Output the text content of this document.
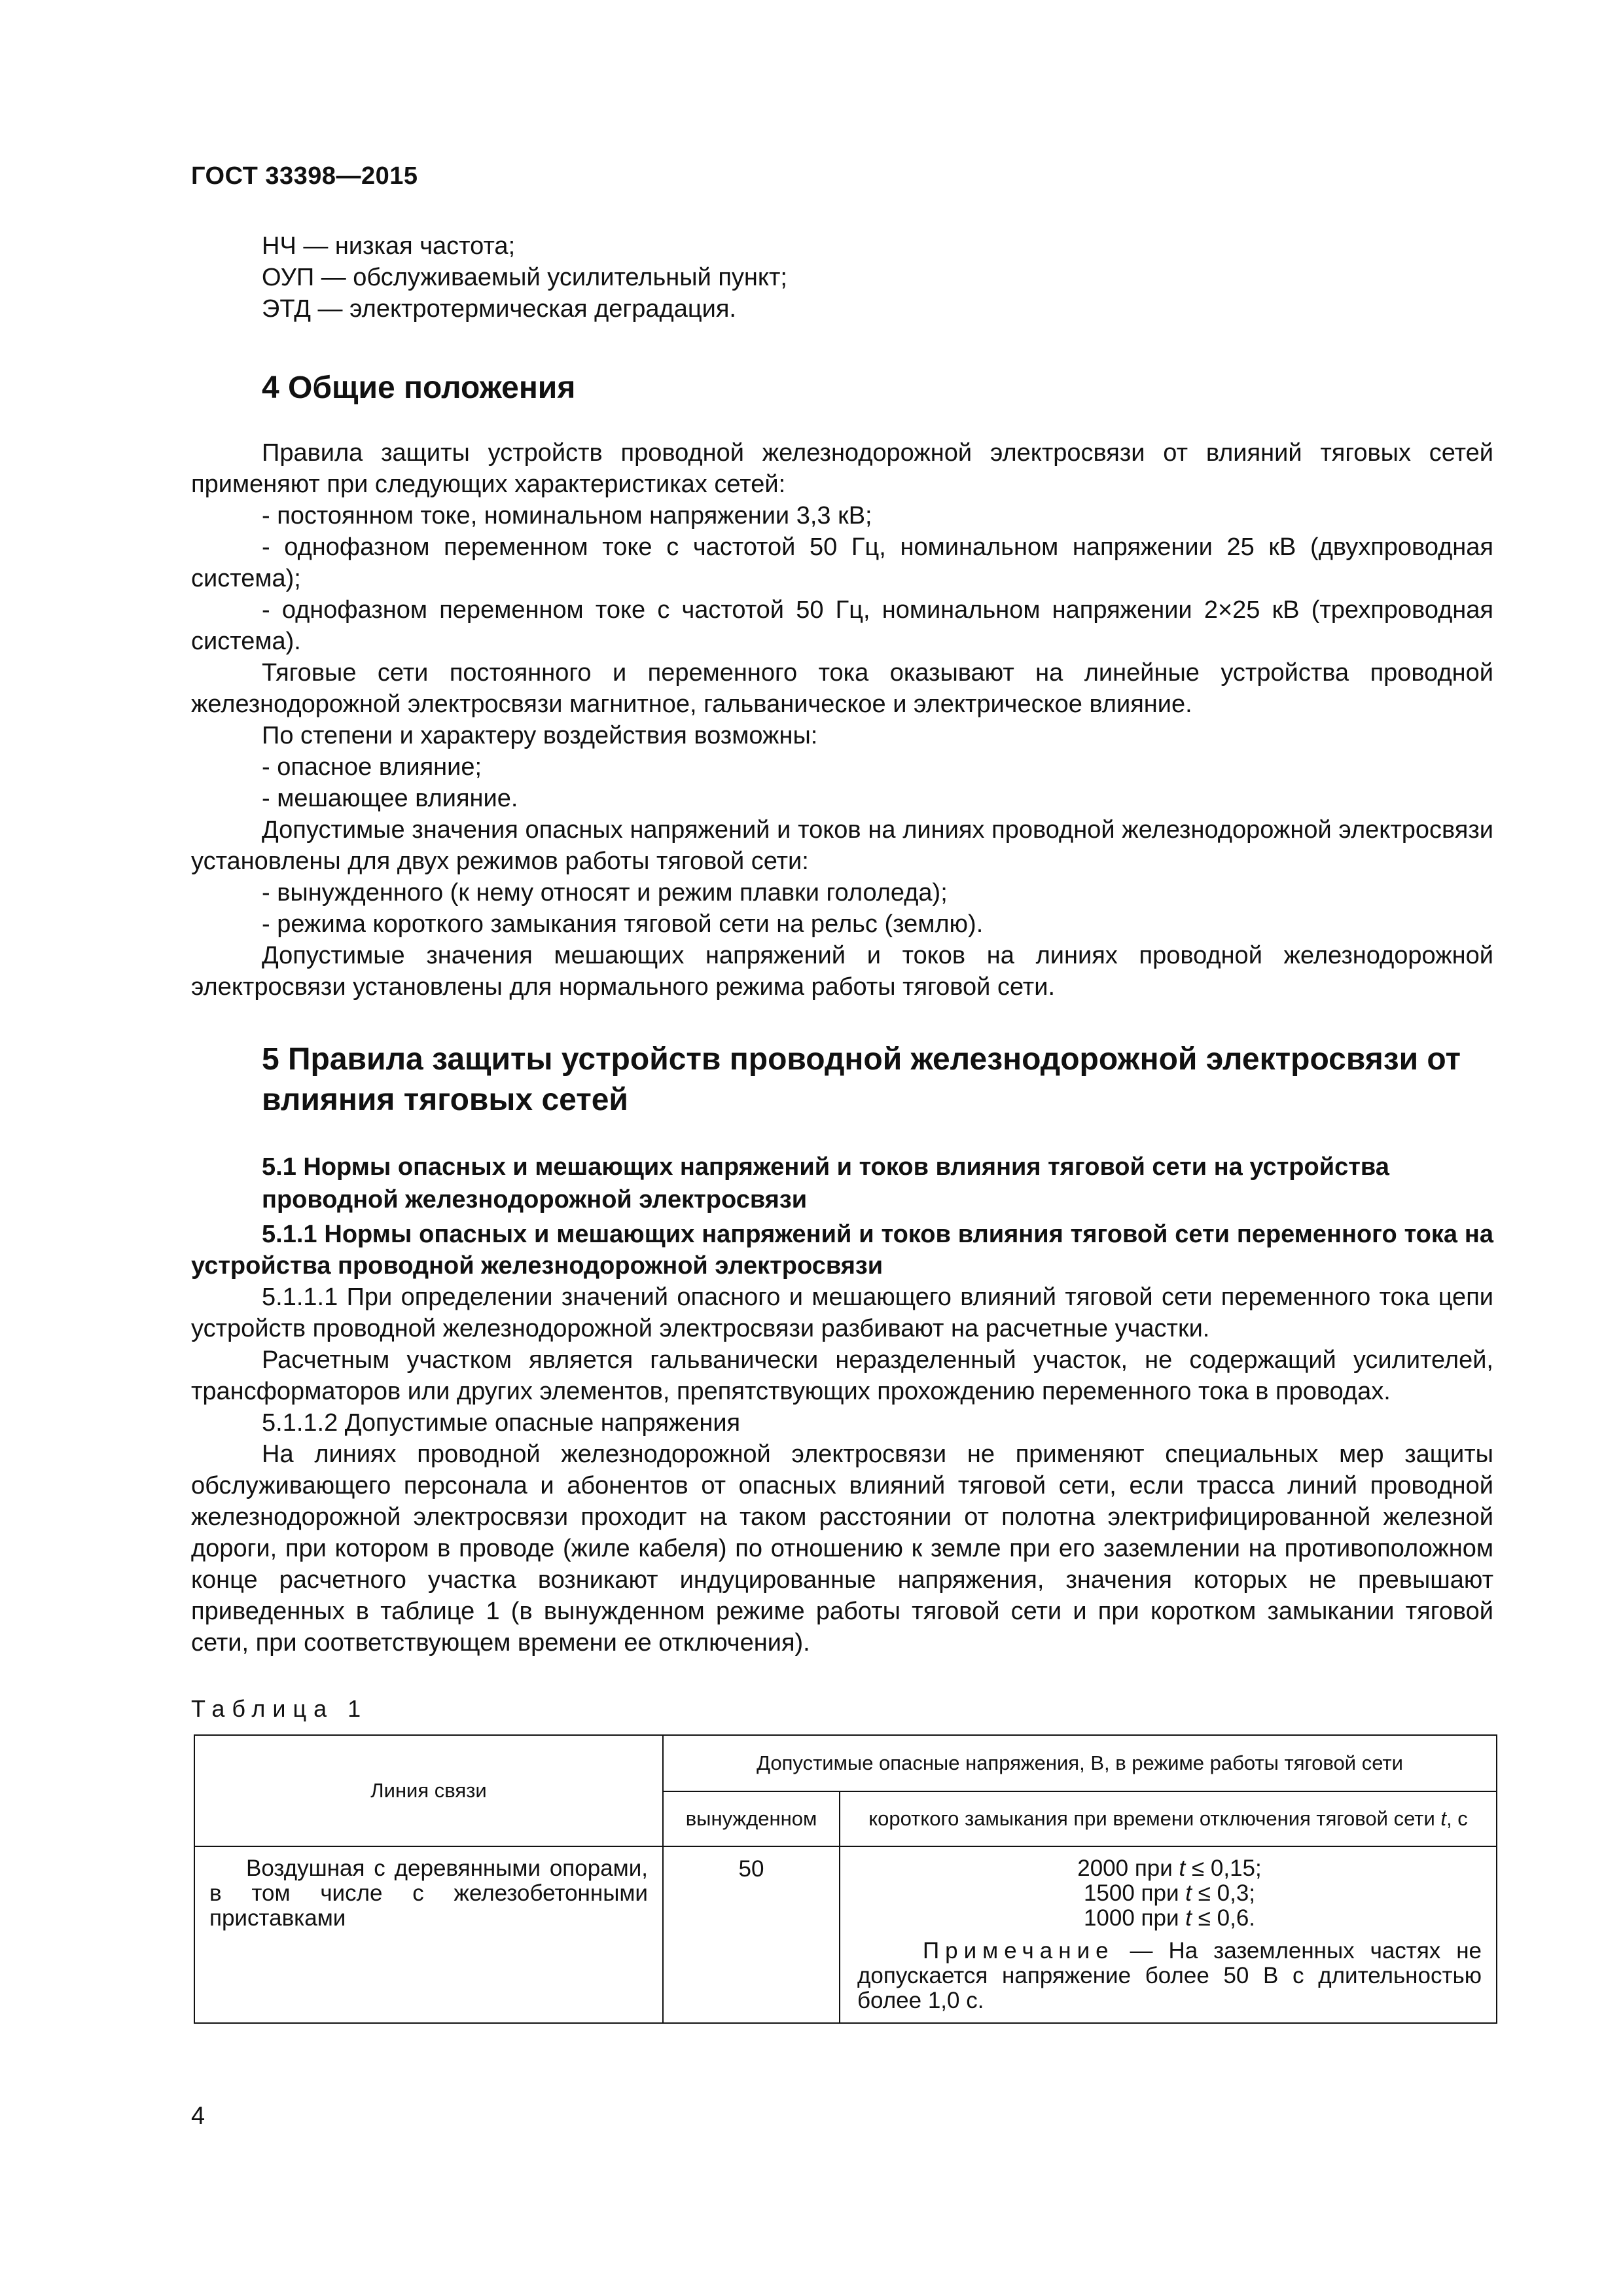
ГОСТ 33398—2015

НЧ — низкая частота;

ОУП — обслуживаемый усилительный пункт;

ЭТД — электротермическая деградация.

4 Общие положения

Правила защиты устройств проводной железнодорожной электросвязи от влияний тяговых сетей применяют при следующих характеристиках сетей:

- постоянном токе, номинальном напряжении 3,3 кВ;

- однофазном переменном токе с частотой 50 Гц, номинальном напряжении 25 кВ (двухпроводная система);

- однофазном переменном токе с частотой 50 Гц, номинальном напряжении 2×25 кВ (трехпроводная система).

Тяговые сети постоянного и переменного тока оказывают на линейные устройства проводной железнодорожной электросвязи магнитное, гальваническое и электрическое влияние.

По степени и характеру воздействия возможны:

- опасное влияние;

- мешающее влияние.

Допустимые значения опасных напряжений и токов на линиях проводной железнодорожной электросвязи установлены для двух режимов работы тяговой сети:

- вынужденного (к нему относят и режим плавки гололеда);

- режима короткого замыкания тяговой сети на рельс (землю).

Допустимые значения мешающих напряжений и токов на линиях проводной железнодорожной электросвязи установлены для нормального режима работы тяговой сети.

5 Правила защиты устройств проводной железнодорожной электросвязи от влияния тяговых сетей
5.1 Нормы опасных и мешающих напряжений и токов влияния тяговой сети на устройства проводной железнодорожной электросвязи

5.1.1 Нормы опасных и мешающих напряжений и токов влияния тяговой сети переменного тока на устройства проводной железнодорожной электросвязи

5.1.1.1 При определении значений опасного и мешающего влияний тяговой сети переменного тока цепи устройств проводной железнодорожной электросвязи разбивают на расчетные участки.

Расчетным участком является гальванически неразделенный участок, не содержащий усилителей, трансформаторов или других элементов, препятствующих прохождению переменного тока в проводах.

5.1.1.2 Допустимые опасные напряжения

На линиях проводной железнодорожной электросвязи не применяют специальных мер защиты обслуживающего персонала и абонентов от опасных влияний тяговой сети, если трасса линий проводной железнодорожной электросвязи проходит на таком расстоянии от полотна электрифицированной железной дороги, при котором в проводе (жиле кабеля) по отношению к земле при его заземлении на противоположном конце расчетного участка возникают индуцированные напряжения, значения которых не превышают приведенных в таблице 1 (в вынужденном режиме работы тяговой сети и при коротком замыкании тяговой сети, при соответствующем времени ее отключения).

Таблица 1
Линия связи	Допустимые опасные напряжения, В, в режиме работы тяговой сети	
	вынужденном	короткого замыкания при времени отключения тяговой сети t, с
Воздушная с деревянными опорами, в том числе с железобетонными приставками	50	2000 при t ≤ 0,15;
1500 при t ≤ 0,3;
1000 при t ≤ 0,6.
Примечание — На заземленных частях не допускается напряжение более 50 В с длительностью более 1,0 с.
4
